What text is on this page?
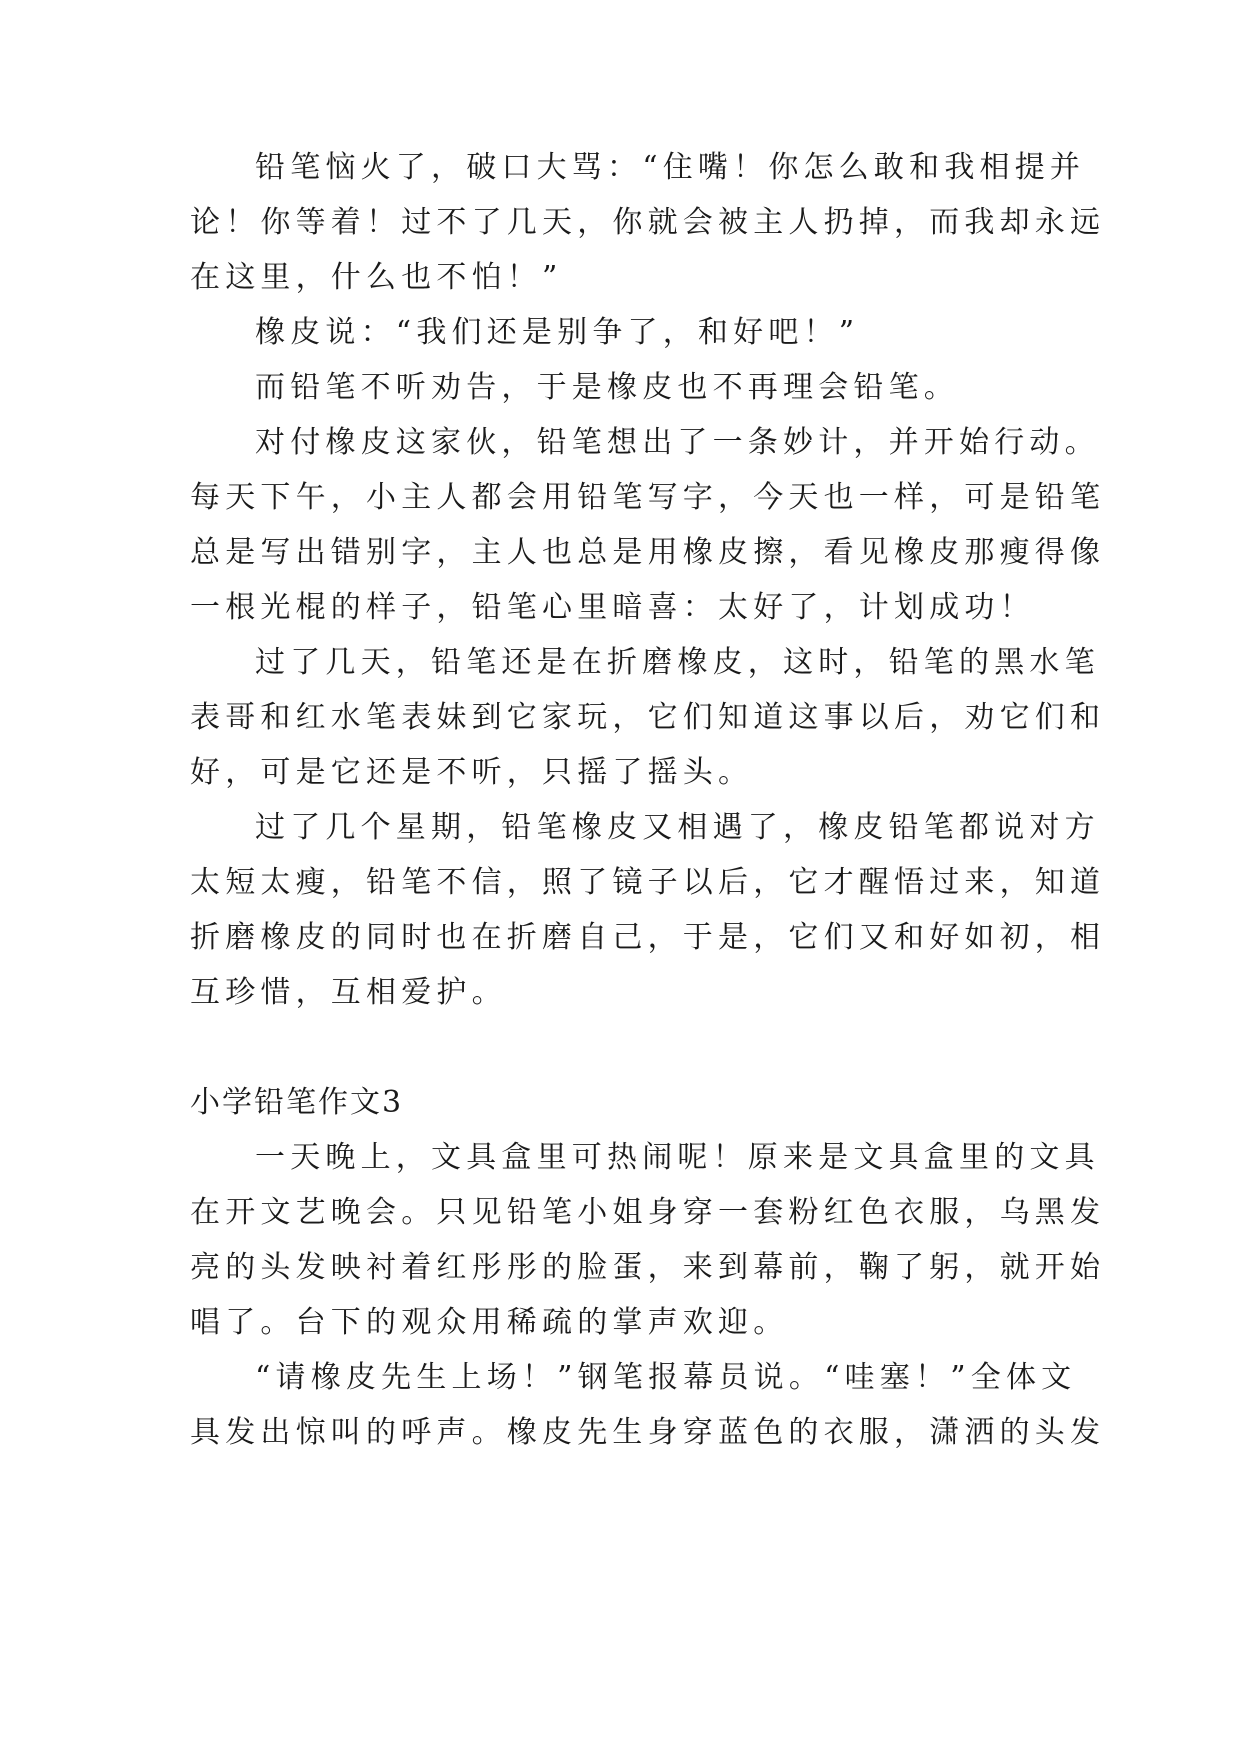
铅笔恼火了，破口大骂：“住嘴！你怎么敢和我相提并
论！你等着！过不了几天，你就会被主人扔掉，而我却永远
在这里，什么也不怕！”
橡皮说：“我们还是别争了，和好吧！”
而铅笔不听劝告，于是橡皮也不再理会铅笔。
对付橡皮这家伙，铅笔想出了一条妙计，并开始行动。
每天下午，小主人都会用铅笔写字，今天也一样，可是铅笔
总是写出错别字，主人也总是用橡皮擦，看见橡皮那瘦得像
一根光棍的样子，铅笔心里暗喜：太好了，计划成功！
过了几天，铅笔还是在折磨橡皮，这时，铅笔的黑水笔
表哥和红水笔表妹到它家玩，它们知道这事以后，劝它们和
好，可是它还是不听，只摇了摇头。
过了几个星期，铅笔橡皮又相遇了，橡皮铅笔都说对方
太短太瘦，铅笔不信，照了镜子以后，它才醒悟过来，知道
折磨橡皮的同时也在折磨自己，于是，它们又和好如初，相
互珍惜，互相爱护。
小学铅笔作文3
一天晚上，文具盒里可热闹呢！原来是文具盒里的文具
在开文艺晚会。只见铅笔小姐身穿一套粉红色衣服，乌黑发
亮的头发映衬着红彤彤的脸蛋，来到幕前，鞠了躬，就开始
唱了。台下的观众用稀疏的掌声欢迎。
“请橡皮先生上场！”钢笔报幕员说。“哇塞！”全体文
具发出惊叫的呼声。橡皮先生身穿蓝色的衣服，潇洒的头发
